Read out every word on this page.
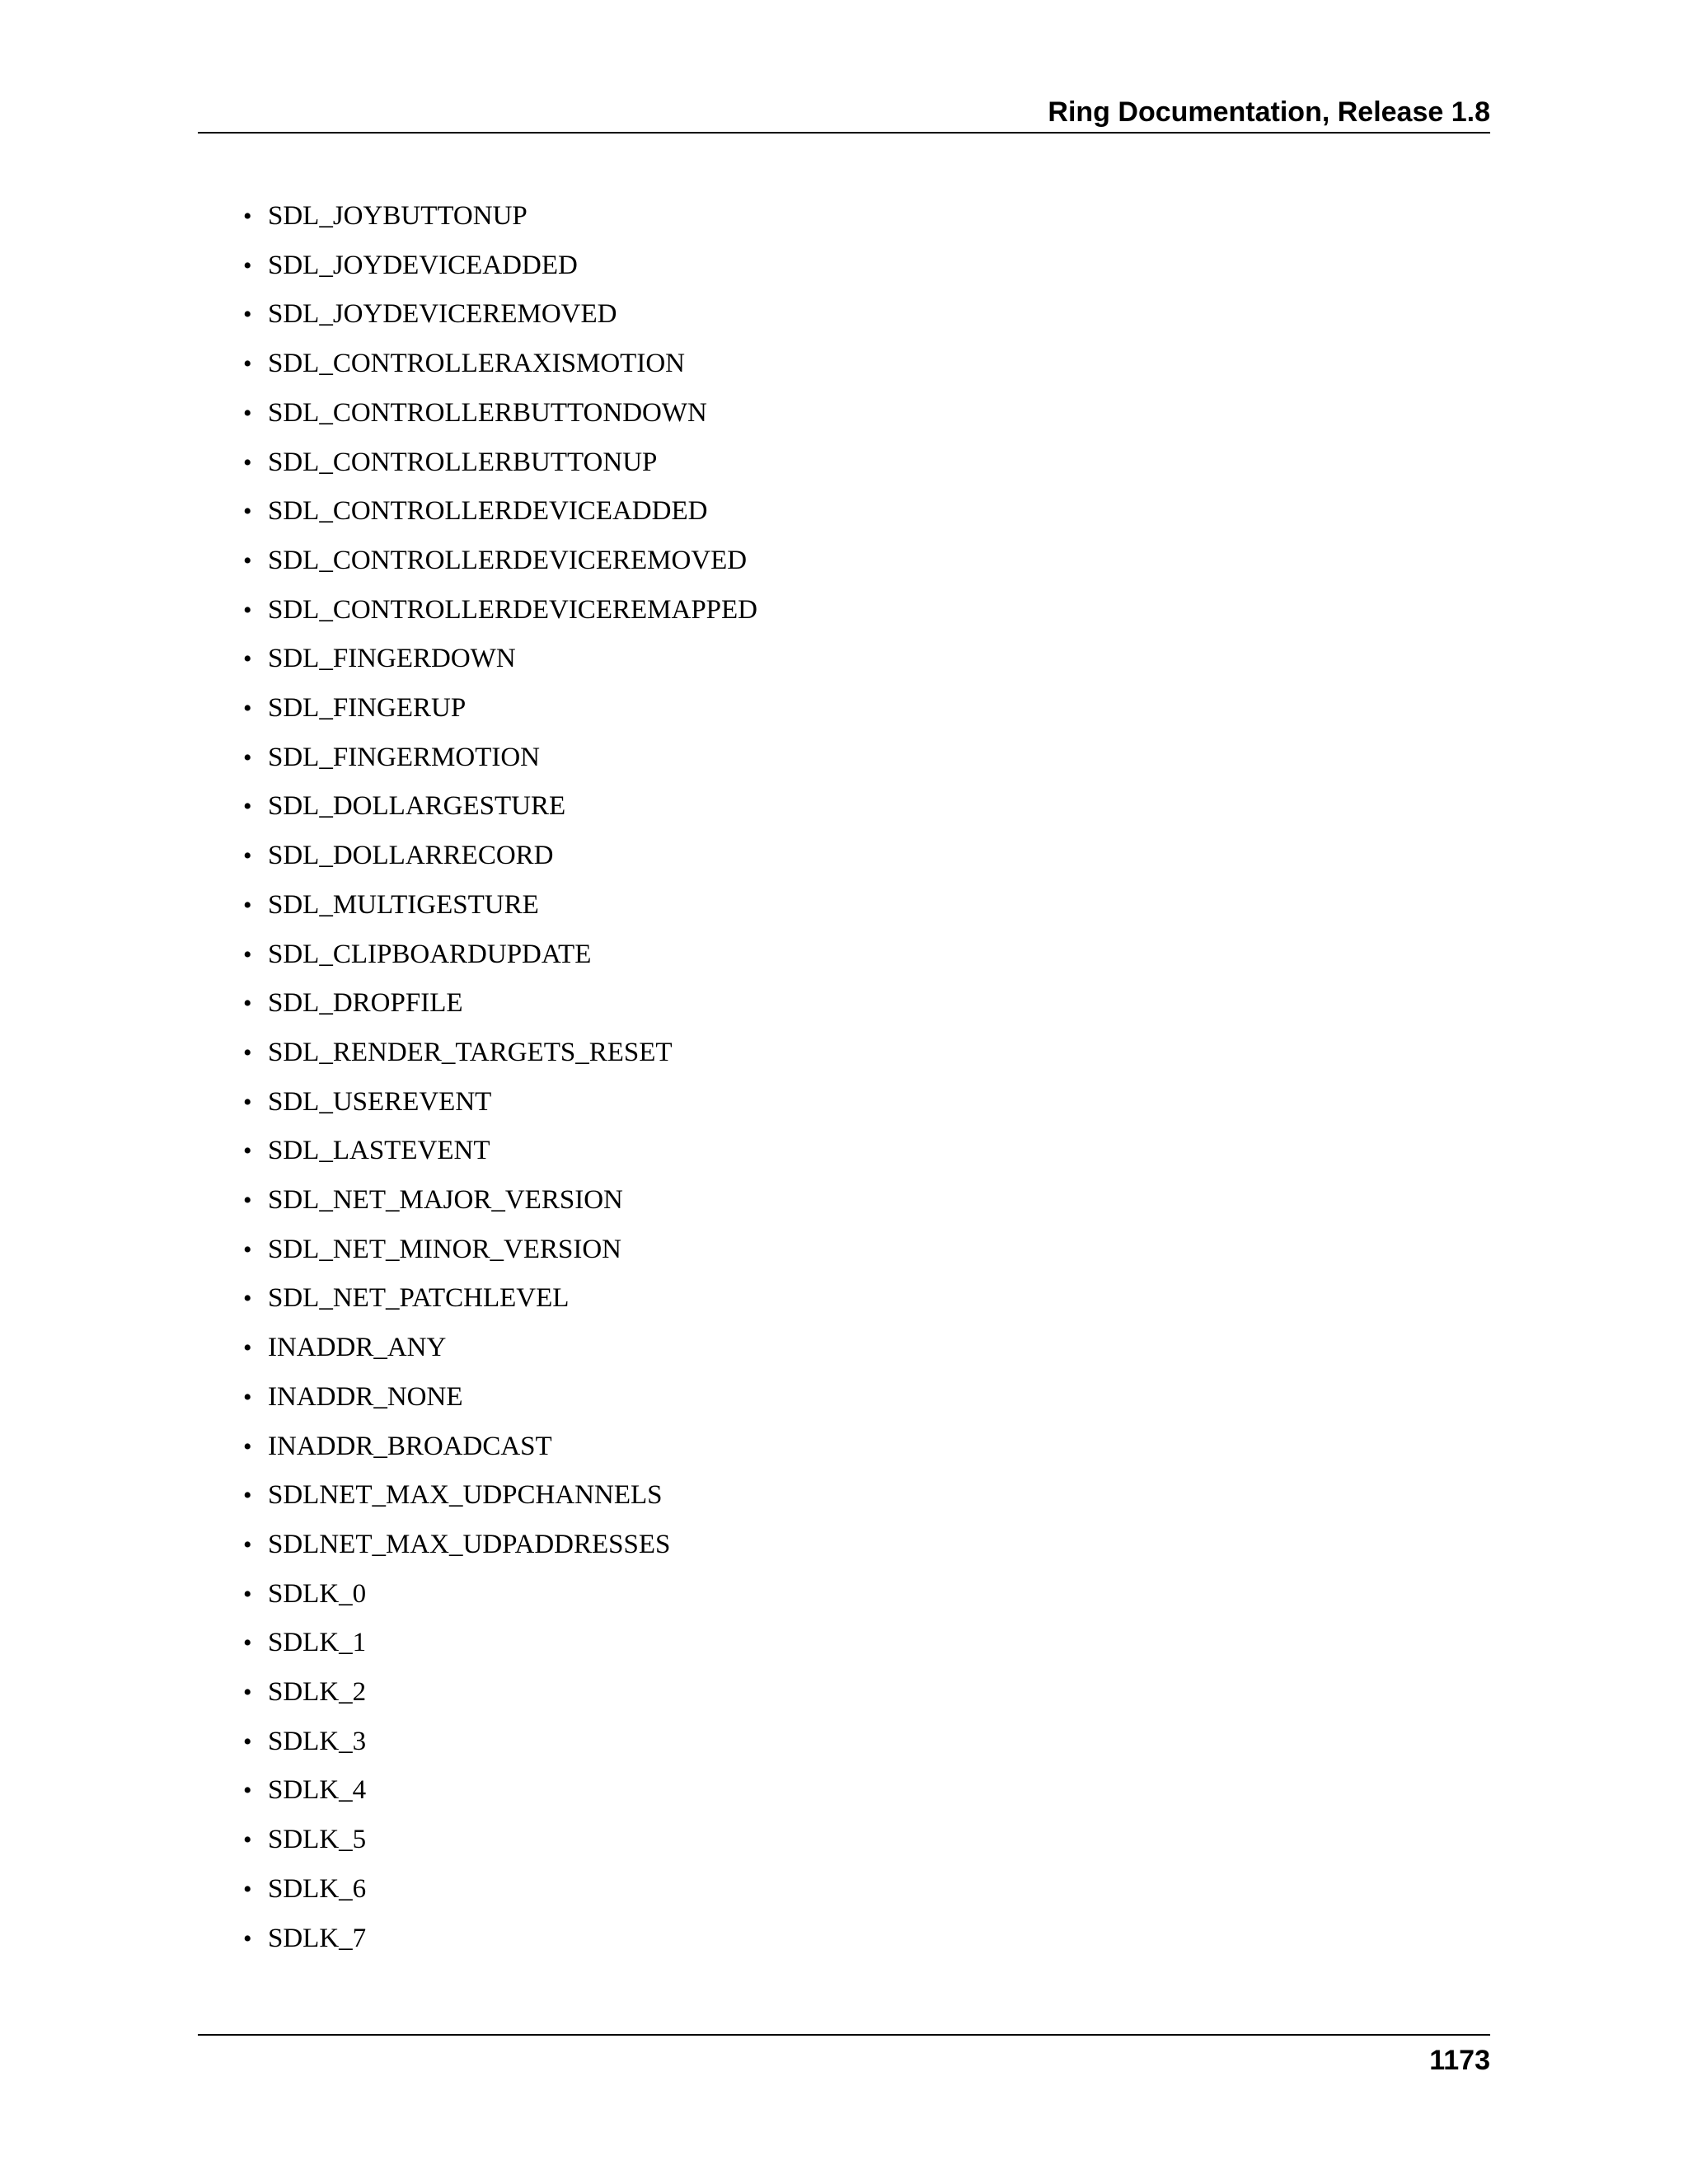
Ring Documentation, Release 1.8
• SDL_JOYBUTTONUP
• SDL_JOYDEVICEADDED
• SDL_JOYDEVICEREMOVED
• SDL_CONTROLLERAXISMOTION
• SDL_CONTROLLERBUTTONDOWN
• SDL_CONTROLLERBUTTONUP
• SDL_CONTROLLERDEVICEADDED
• SDL_CONTROLLERDEVICEREMOVED
• SDL_CONTROLLERDEVICEREMAPPED
• SDL_FINGERDOWN
• SDL_FINGERUP
• SDL_FINGERMOTION
• SDL_DOLLARGESTURE
• SDL_DOLLARRECORD
• SDL_MULTIGESTURE
• SDL_CLIPBOARDUPDATE
• SDL_DROPFILE
• SDL_RENDER_TARGETS_RESET
• SDL_USEREVENT
• SDL_LASTEVENT
• SDL_NET_MAJOR_VERSION
• SDL_NET_MINOR_VERSION
• SDL_NET_PATCHLEVEL
• INADDR_ANY
• INADDR_NONE
• INADDR_BROADCAST
• SDLNET_MAX_UDPCHANNELS
• SDLNET_MAX_UDPADDRESSES
• SDLK_0
• SDLK_1
• SDLK_2
• SDLK_3
• SDLK_4
• SDLK_5
• SDLK_6
• SDLK_7
1173
